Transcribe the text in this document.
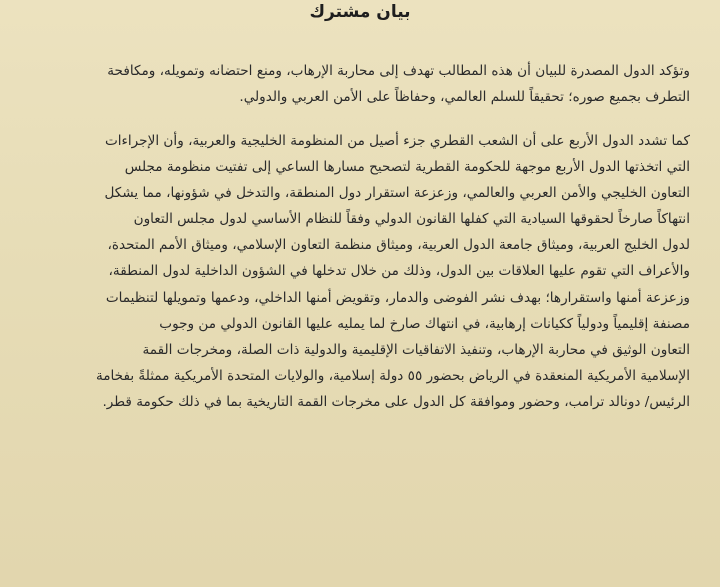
بيان مشترك
وتؤكد الدول المصدرة للبيان أن هذه المطالب تهدف إلى محاربة الإرهاب، ومنع احتضانه وتمويله، ومكافحة
التطرف بجميع صوره؛ تحقيقاً للسلم العالمي، وحفاظاً على الأمن العربي والدولي.
كما تشدد الدول الأربع على أن الشعب القطري جزء أصيل من المنظومة الخليجية والعربية، وأن الإجراءات
التي اتخذتها الدول الأربع موجهة للحكومة القطرية لتصحيح مسارها الساعي إلى تفتيت منظومة مجلس
التعاون الخليجي والأمن العربي والعالمي، وزعزعة استقرار دول المنطقة، والتدخل في شؤونها، مما يشكل
انتهاكاً صارخاً لحقوقها السيادية التي كفلها القانون الدولي وفقاً للنظام الأساسي لدول مجلس التعاون
لدول الخليج العربية، وميثاق جامعة الدول العربية، وميثاق منظمة التعاون الإسلامي، وميثاق الأمم المتحدة،
والأعراف التي تقوم عليها العلاقات بين الدول، وذلك من خلال تدخلها في الشؤون الداخلية لدول المنطقة،
وزعزعة أمنها واستقرارها؛ بهدف نشر الفوضى والدمار، وتقويض أمنها الداخلي، ودعمها وتمويلها لتنظيمات
مصنفة إقليمياً ودولياً ككيانات إرهابية، في انتهاك صارخ لما يمليه عليها القانون الدولي من وجوب
التعاون الوثيق في محاربة الإرهاب، وتنفيذ الاتفاقيات الإقليمية والدولية ذات الصلة، ومخرجات القمة
الإسلامية الأمريكية المنعقدة في الرياض بحضور ٥٥ دولة إسلامية، والولايات المتحدة الأمريكية ممثلةً بفخامة
الرئيس/ دونالد ترامب، وحضور وموافقة كل الدول على مخرجات القمة التاريخية بما في ذلك حكومة قطر.
